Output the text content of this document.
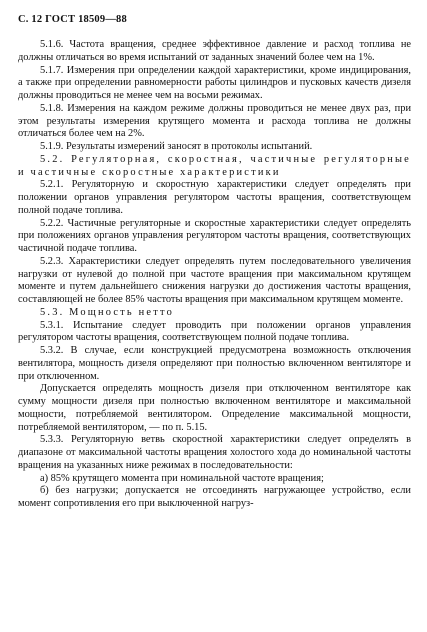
С. 12 ГОСТ 18509—88

5.1.6. Частота вращения, среднее эффективное давление и расход топлива не должны отличаться во время испытаний от заданных значений более чем на 1%.

5.1.7. Измерения при определении каждой характеристики, кроме индицирования, а также при определении равномерности работы цилиндров и пусковых качеств дизеля должны проводиться не менее чем на восьми режимах.

5.1.8. Измерения на каждом режиме должны проводиться не менее двух раз, при этом результаты измерения крутящего момента и расхода топлива не должны отличаться более чем на 2%.

5.1.9. Результаты измерений заносят в протоколы испытаний.

5.2. Регуляторная, скоростная, частичные регуляторные и частичные скоростные характеристики

5.2.1. Регуляторную и скоростную характеристики следует определять при положении органов управления регулятором частоты вращения, соответствующем полной подаче топлива.

5.2.2. Частичные регуляторные и скоростные характеристики следует определять при положениях органов управления регулятором частоты вращения, соответствующих частичной подаче топлива.

5.2.3. Характеристики следует определять путем последовательного увеличения нагрузки от нулевой до полной при частоте вращения при максимальном крутящем моменте и путем дальнейшего снижения нагрузки до достижения частоты вращения, составляющей не более 85% частоты вращения при максимальном крутящем моменте.

5.3. Мощность нетто

5.3.1. Испытание следует проводить при положении органов управления регулятором частоты вращения, соответствующем полной подаче топлива.

5.3.2. В случае, если конструкцией предусмотрена возможность отключения вентилятора, мощность дизеля определяют при полностью включенном вентиляторе и при отключенном.

Допускается определять мощность дизеля при отключенном вентиляторе как сумму мощности дизеля при полностью включенном вентиляторе и максимальной мощности, потребляемой вентилятором. Определение максимальной мощности, потребляемой вентилятором, — по п. 5.15.

5.3.3. Регуляторную ветвь скоростной характеристики следует определять в диапазоне от максимальной частоты вращения холостого хода до номинальной частоты вращения на указанных ниже режимах в последовательности:

а) 85% крутящего момента при номинальной частоте вращения;

б) без нагрузки; допускается не отсоединять нагружающее устройство, если момент сопротивления его при выключенной нагруз-
